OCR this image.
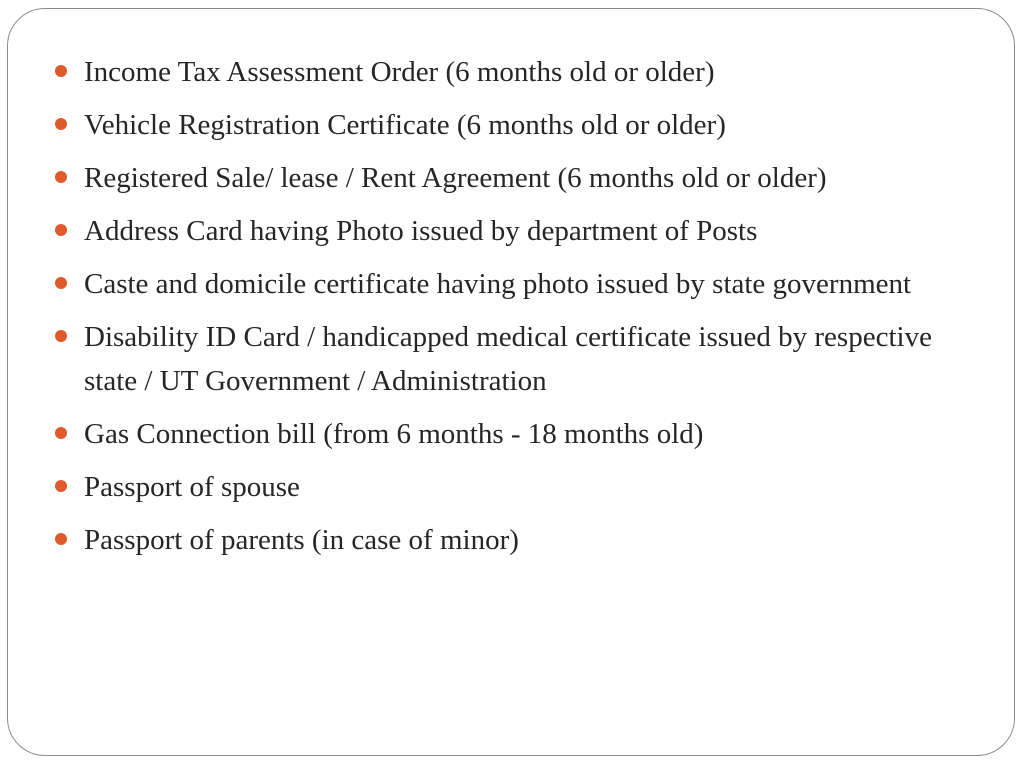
Income Tax Assessment Order (6 months old or older)
Vehicle Registration Certificate (6 months old or older)
Registered Sale/ lease / Rent Agreement (6 months old or older)
Address Card having Photo issued by department of Posts
Caste and domicile certificate having photo issued by state government
Disability ID Card / handicapped medical certificate issued by respective state / UT Government / Administration
Gas Connection bill (from 6 months - 18 months old)
Passport of spouse
Passport of parents (in case of minor)
